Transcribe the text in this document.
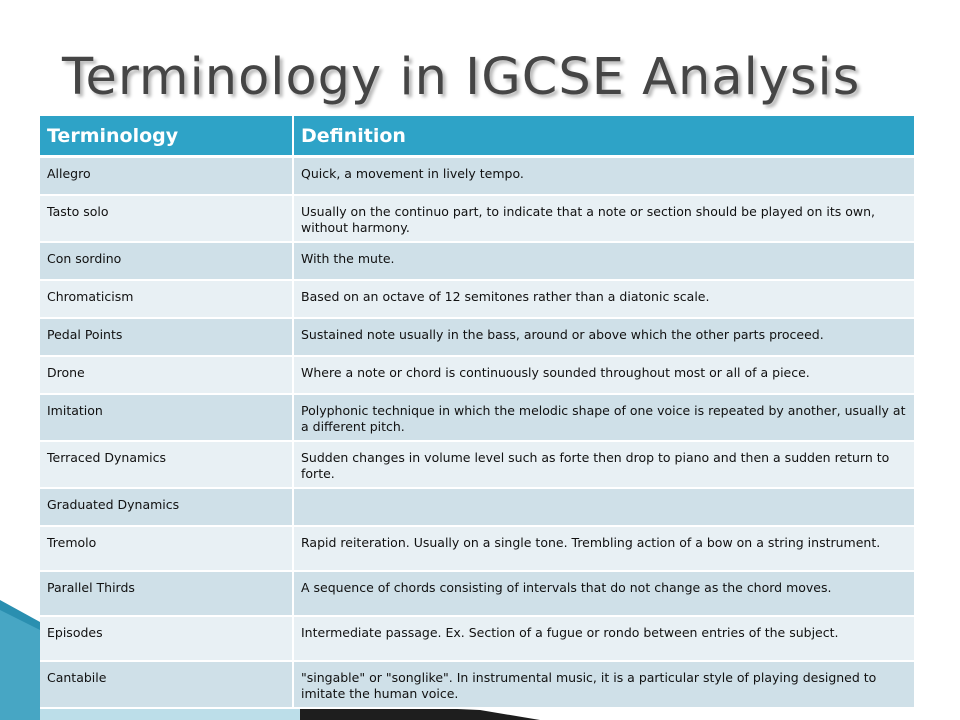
Terminology in IGCSE Analysis
Terminology	Definition
Allegro	Quick, a movement in lively tempo.
Tasto solo	Usually on the continuo part, to indicate that a note or section should be played on its own, without harmony.
Con sordino	With the mute.
Chromaticism	Based on an octave of 12 semitones rather than a diatonic scale.
Pedal Points	Sustained note usually in the bass, around or above which the other parts proceed.
Drone	Where a note or chord is continuously sounded throughout most or all of a piece.
Imitation	Polyphonic technique in which the melodic shape of one voice is repeated by another, usually at a different pitch.
Terraced Dynamics	Sudden changes in volume level such as forte then drop to piano and then a sudden return to forte.
Graduated Dynamics	
Tremolo	Rapid reiteration. Usually on a single tone. Trembling action of a bow on a string instrument.
Parallel Thirds	A sequence of chords consisting of intervals that do not change as the chord moves.
Episodes	Intermediate passage. Ex. Section of a fugue or rondo between entries of the subject.
Cantabile	"singable" or "songlike". In instrumental music, it is a particular style of playing designed to imitate the human voice.
